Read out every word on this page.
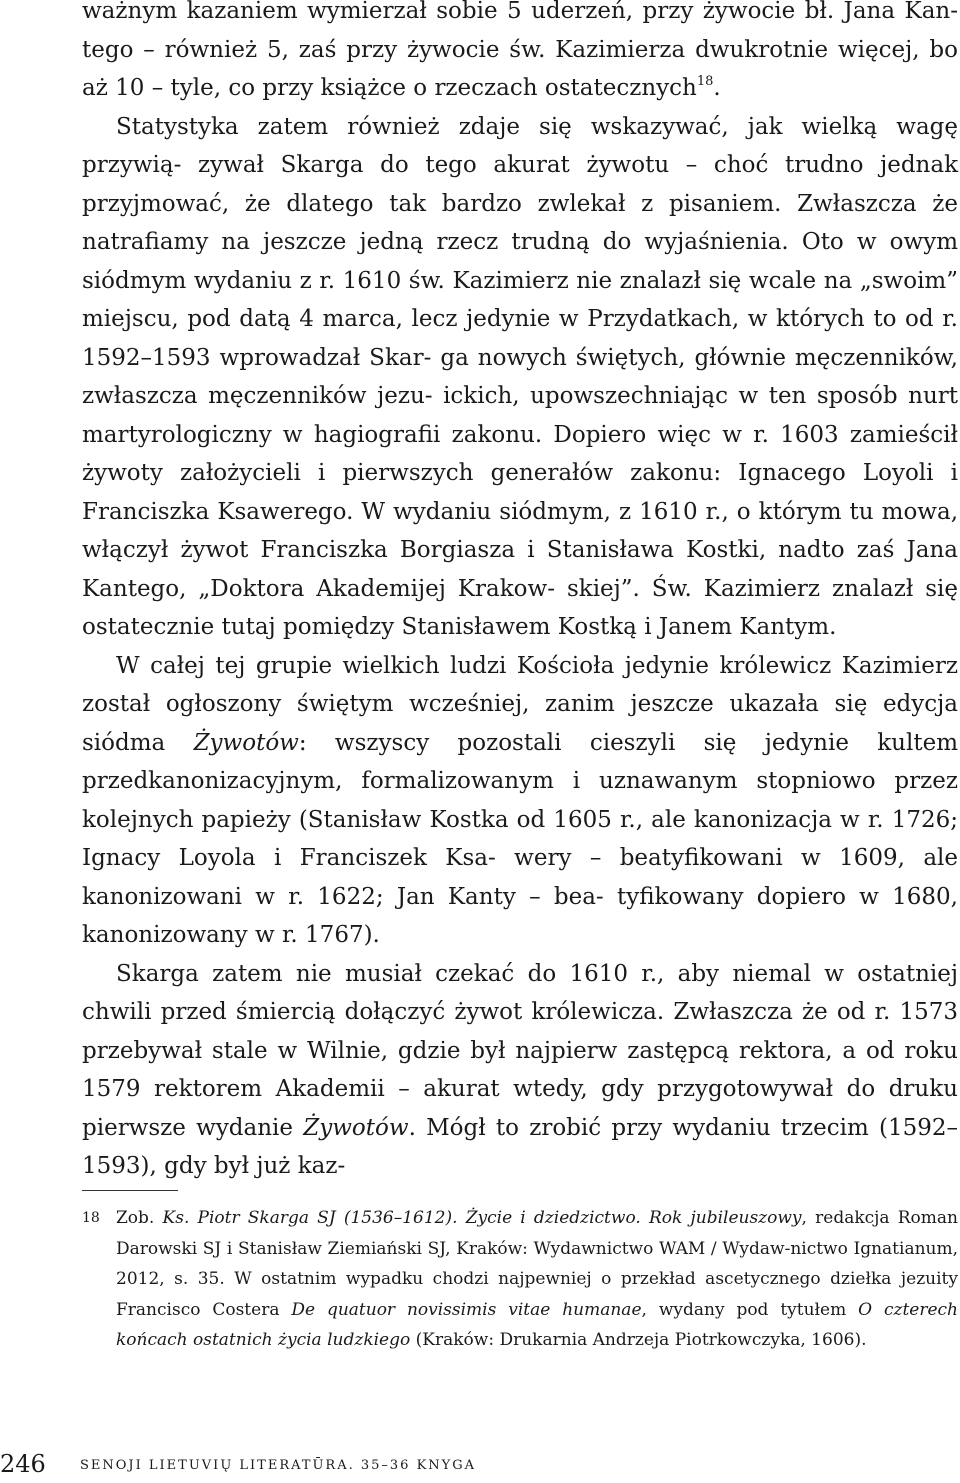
ważnym kazaniem wymierzał sobie 5 uderzeń, przy żywocie bł. Jana Kan- tego – również 5, zaś przy żywocie św. Kazimierza dwukrotnie więcej, bo aż 10 – tyle, co przy książce o rzeczach ostatecznych$^{18}$.

Statystyka zatem również zdaje się wskazywać, jak wielką wagę przywią- zywał Skarga do tego akurat żywotu – choć trudno jednak przyjmować, że dlatego tak bardzo zwlekał z pisaniem. Zwłaszcza że natrafiamy na jeszcze jedną rzecz trudną do wyjaśnienia. Oto w owym siódmym wydaniu z r. 1610 św. Kazimierz nie znalazł się wcale na „swoim” miejscu, pod datą 4 marca, lecz jedynie w Przydatkach, w których to od r. 1592–1593 wprowadzał Skar- ga nowych świętych, głównie męczenników, zwłaszcza męczenników jezu- ickich, upowszechniając w ten sposób nurt martyrologiczny w hagiografii zakonu. Dopiero więc w r. 1603 zamieścił żywoty założycieli i pierwszych generałów zakonu: Ignacego Loyoli i Franciszka Ksawerego. W wydaniu siódmym, z 1610 r., o którym tu mowa, włączył żywot Franciszka Borgiasza i Stanisława Kostki, nadto zaś Jana Kantego, „Doktora Akademijej Krakow- skiej”. Św. Kazimierz znalazł się ostatecznie tutaj pomiędzy Stanisławem Kostką i Janem Kantym.

W całej tej grupie wielkich ludzi Kościoła jedynie królewicz Kazimierz został ogłoszony świętym wcześniej, zanim jeszcze ukazała się edycja siódma Żywotów: wszyscy pozostali cieszyli się jedynie kultem przedkanonizacyjnym, formalizowanym i uznawanym stopniowo przez kolejnych papieży (Stanisław Kostka od 1605 r., ale kanonizacja w r. 1726; Ignacy Loyola i Franciszek Ksa- wery – beatyfikowani w 1609, ale kanonizowani w r. 1622; Jan Kanty – bea- tyfikowany dopiero w 1680, kanonizowany w r. 1767).

Skarga zatem nie musiał czekać do 1610 r., aby niemal w ostatniej chwili przed śmiercią dołączyć żywot królewicza. Zwłaszcza że od r. 1573 przebywał stale w Wilnie, gdzie był najpierw zastępcą rektora, a od roku 1579 rektorem Akademii – akurat wtedy, gdy przygotowywał do druku pierwsze wydanie Żywotów. Mógł to zrobić przy wydaniu trzecim (1592–1593), gdy był już kaz-

18 Zob. Ks. Piotr Skarga SJ (1536–1612). Życie i dziedzictwo. Rok jubileuszowy, redakcja Roman Darowski SJ i Stanisław Ziemiański SJ, Kraków: Wydawnictwo WAM / Wydaw-nictwo Ignatianum, 2012, s. 35. W ostatnim wypadku chodzi najpewniej o przekład ascetycznego dziełka jezuity Francisco Costera De quatuor novissimis vitae humanae, wydany pod tytułem O czterech końcach ostatnich życia ludzkiego (Kraków: Drukarnia Andrzeja Piotrkowczyka, 1606).
246	SENOJI LIETUVIŲ LITERATŪRA. 35–36 KNYGA
